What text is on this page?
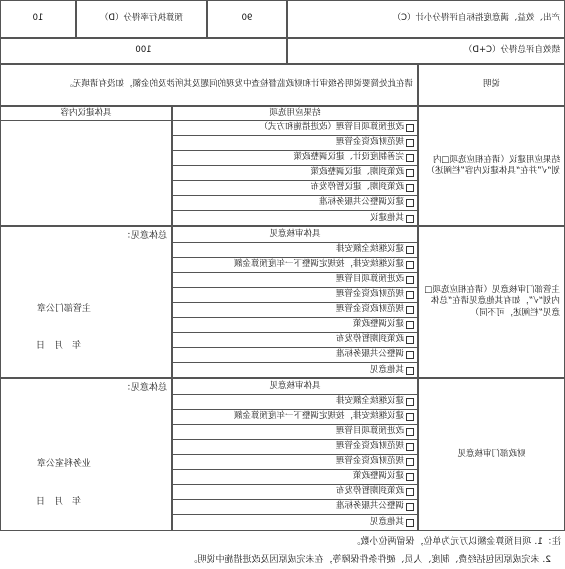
产出、效益、满意度指标自评得分小计（C）
90
预算执行率得分（D）
10
绩效自评总得分（C+D）
100
说明
请在此处简要说明各级审计和财政监督检查中发现的问题及其所涉及的金额，如没有请填无。
结果应用建议（请在相应选项□内划“√”并在“具体建议内容”栏阐述）
结果应用选项
改进预算项目管理（改进措施和方式）
规范财政资金管理
完善制度设计、建议调整政策
政策到期、建议调整政策
政策到期、建议暂停发布
建议调整公共服务标准
其他建议
具体建议内容
主管部门审核意见（请在相应选项□内划“√”，如有其他意见请在“总体意见”栏阐述，可不同）
具体审核意见
建议继续全额安排
建议继续安排，按规定调整下一年度预算金额
改进预算项目管理
规范财政资金管理
规范财政资金管理
建议调整政策
政策到期暂停发布
调整公共服务标准
其他意见
总体意见：
主管部门公章
年　月　日
财政部门审核意见
具体审核意见
建议继续全额安排
建议继续安排，按规定调整下一年度预算金额
改进预算项目管理
规范财政资金管理
规范财政资金管理
建议调整政策
政策到期暂停发布
调整公共服务标准
其他意见
总体意见：
业务科室公章
年　月　日
注：1. 项目预算金额以万元为单位，保留两位小数。
2. 未完成原因包括经费、制度、人员、硬件条件保障等，在未完成原因及改进措施中说明。
